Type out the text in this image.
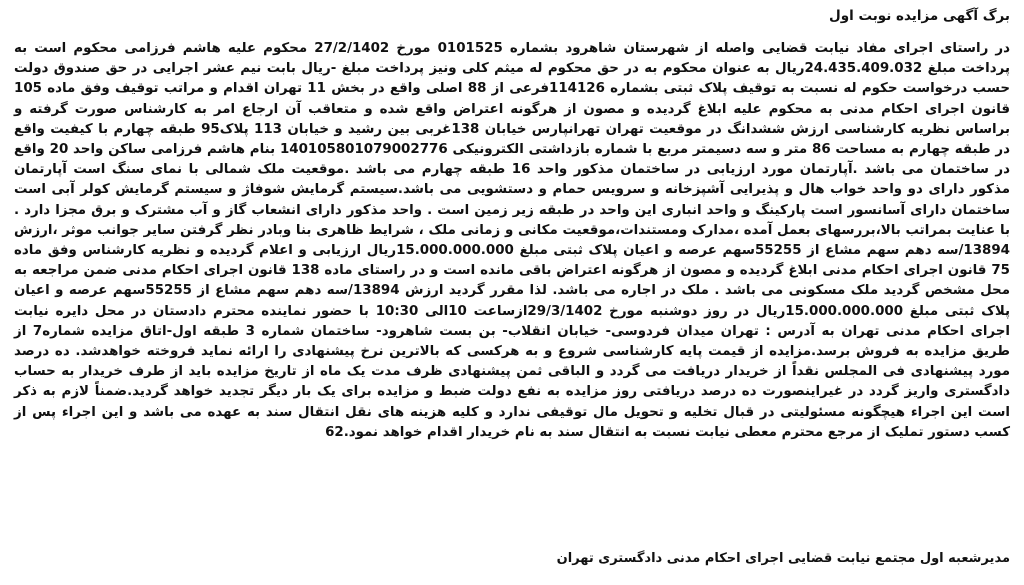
برگ آگهی مزایده نوبت اول

در راستای اجرای مفاد نیابت قضایی واصله از شهرستان شاهرود بشماره 0101525 مورخ 27/2/1402 محکوم علیه هاشم فرزامی محکوم است به پرداخت مبلغ 24.435.409.032ریال به عنوان محکوم به در حق محکوم له میثم کلی ونیز پرداخت مبلغ -ریال بابت نیم عشر اجرایی در حق صندوق دولت حسب درخواست حکوم له نسبت به توقیف پلاک ثبتی بشماره 114126فرعی از 88 اصلی واقع در بخش 11 تهران اقدام و مراتب توقیف وفق ماده 105 قانون اجرای احکام مدنی به محکوم علیه ابلاغ گردیده و مصون از هرگونه اعتراض واقع شده و متعاقب آن ارجاع امر به کارشناس صورت گرفته و براساس نظریه کارشناسی ارزش ششدانگ در موقعیت تهران تهرانپارس خیابان 138غربی بین رشید و خیابان 113 پلاک95 طبقه چهارم با کیفیت واقع در طبقه چهارم به مساحت 86 متر و سه دسیمتر مربع با شماره بازداشتی الکترونیکی 140105801079002776 بنام هاشم فرزامی ساکن واحد 20 واقع در ساختمان می باشد .آپارتمان مورد ارزیابی در ساختمان مذکور واحد 16 طبقه چهارم می باشد .موقعیت ملک شمالی با نمای سنگ است آپارتمان مذکور دارای دو واحد خواب هال و پذیرایی آشپزخانه و سرویس حمام و دستشویی می باشد.سیستم گرمایش شوفاژ و سیستم گرمایش کولر آبی است ساختمان دارای آسانسور است پارکینگ و واحد انباری این واحد در طبقه زیر زمین است . واحد مذکور دارای انشعاب گاز و آب مشترک و برق مجزا دارد . با عنایت بمراتب بالا،بررسهای بعمل آمده ،مدارک ومستندات،موقعیت مکانی و زمانی ملک ، شرایط ظاهری بنا وبادر نظر گرفتن سایر جوانب موثر ،ارزش 13894/سه دهم سهم مشاع از 55255سهم عرصه و اعیان پلاک ثبتی مبلغ 15.000.000.000ریال ارزیابی و اعلام گردیده و نظریه کارشناس وفق ماده 75 قانون اجرای احکام مدنی ابلاغ گردیده و مصون از هرگونه اعتراض باقی مانده است و در راستای ماده 138 قانون اجرای احکام مدنی ضمن مراجعه به محل مشخص گردید ملک مسکونی می باشد . ملک در اجاره می باشد. لذا مقرر گردید ارزش 13894/سه دهم سهم مشاع از 55255سهم عرصه و اعیان پلاک ثبتی مبلغ 15.000.000.000ریال در روز دوشنبه مورخ 29/3/1402ازساعت 10الی 10:30 با حضور نماینده محترم دادستان در محل دایره نیابت اجرای احکام مدنی تهران به آدرس : تهران میدان فردوسی- خیابان انقلاب- بن بست شاهرود- ساختمان شماره 3 طبقه اول-اتاق مزایده شماره7 از طریق مزایده به فروش برسد.مزایده از قیمت پایه کارشناسی شروع و به هرکسی که بالاترین نرخ پیشنهادی را ارائه نماید فروخته خواهدشد. ده درصد مورد پیشنهادی فی المجلس نقداً از خریدار دریافت می گردد و الباقی ثمن پیشنهادی ظرف مدت یک ماه از تاریخ مزایده باید از طرف خریدار به حساب دادگستری واریز گردد در غیراینصورت ده درصد دریافتی روز مزایده به نفع دولت ضبط و مزایده برای یک بار دیگر تجدید خواهد گردید.ضمناً لازم به ذکر است این اجراء هیچگونه مسئولیتی در قبال تخلیه و تحویل مال توقیفی ندارد و کلیه هزینه های نقل انتقال سند به عهده می باشد و این اجراء پس از کسب دستور تملیک از مرجع محترم معطی نیابت نسبت به انتقال سند به نام خریدار اقدام خواهد نمود.62

مدیرشعبه اول مجتمع نیابت قضایی اجرای احکام مدنی دادگستری تهران
